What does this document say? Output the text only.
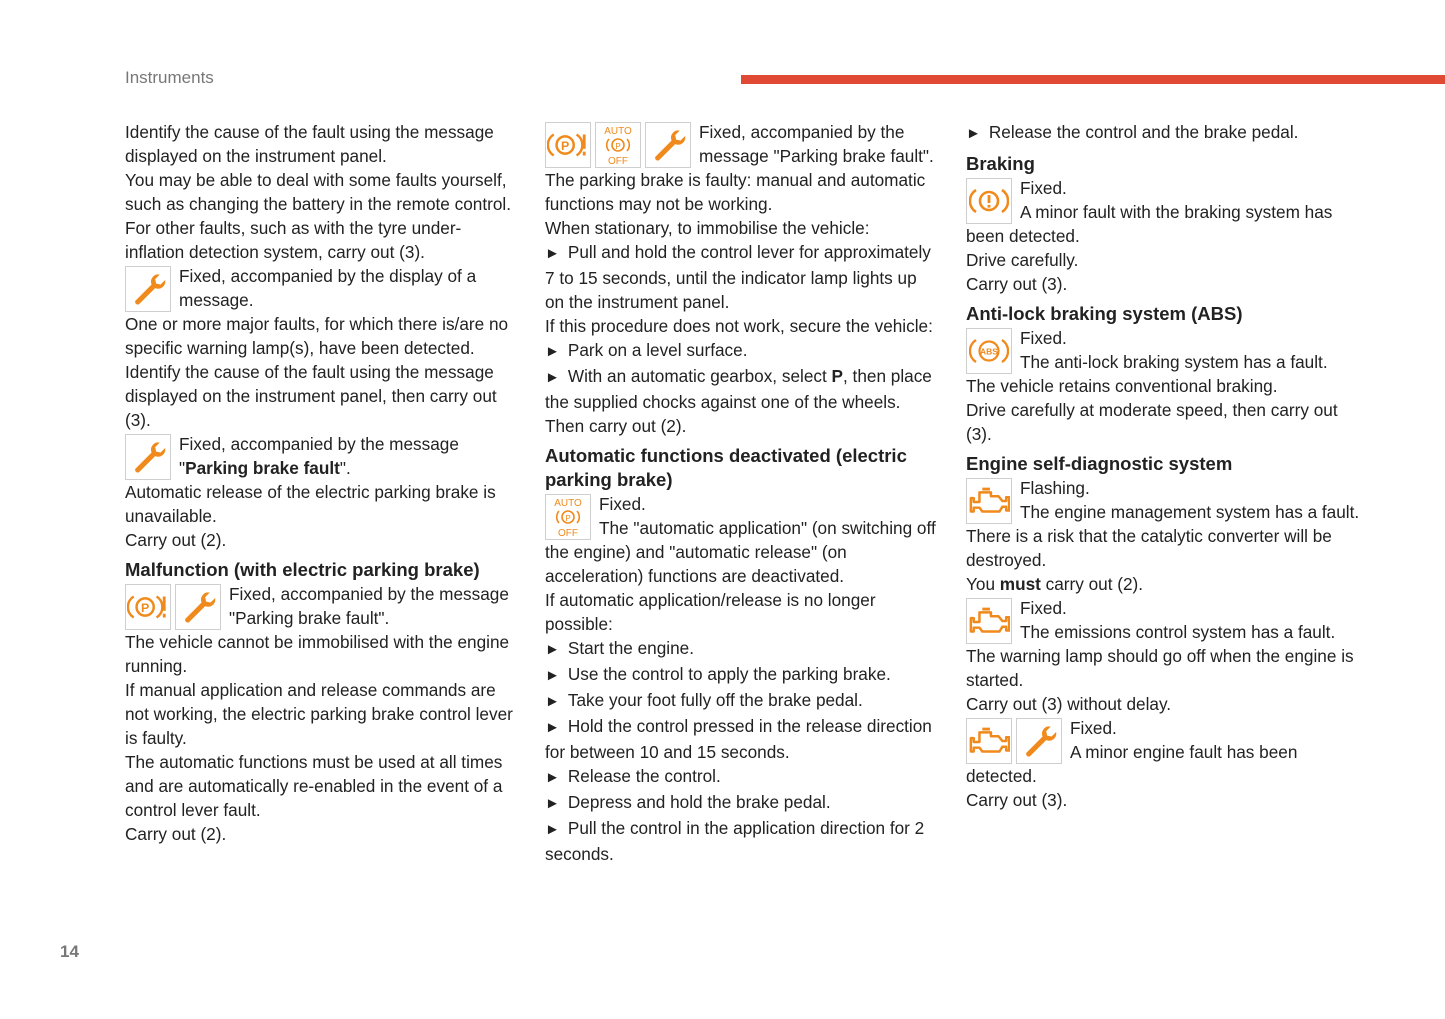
Instruments
14

Identify the cause of the fault using the message displayed on the instrument panel.

You may be able to deal with some faults yourself, such as changing the battery in the remote control.

For other faults, such as with the tyre under-inflation detection system, carry out (3).

Fixed, accompanied by the display of a message.

One or more major faults, for which there is/are no specific warning lamp(s), have been detected.

Identify the cause of the fault using the message displayed on the instrument panel, then carry out (3).

Fixed, accompanied by the message "Parking brake fault".

Automatic release of the electric parking brake is unavailable.

Carry out (2).

Malfunction (with electric parking brake)
Fixed, accompanied by the message "Parking brake fault".

The vehicle cannot be immobilised with the engine running.

If manual application and release commands are not working, the electric parking brake control lever is faulty.

The automatic functions must be used at all times and are automatically re-enabled in the event of a control lever fault.

Carry out (2).

AUTO
P
OFF
Fixed, accompanied by the message "Parking brake fault".

The parking brake is faulty: manual and automatic functions may not be working.

When stationary, to immobilise the vehicle:

► Pull and hold the control lever for approximately 7 to 15 seconds, until the indicator lamp lights up on the instrument panel.

If this procedure does not work, secure the vehicle:

► Park on a level surface.

► With an automatic gearbox, select P, then place the supplied chocks against one of the wheels.

Then carry out (2).

Automatic functions deactivated (electric parking brake)
AUTO
P
OFF
Fixed.
The "automatic application" (on switching off the engine) and "automatic release" (on acceleration) functions are deactivated.

If automatic application/release is no longer possible:

► Start the engine.

► Use the control to apply the parking brake.

► Take your foot fully off the brake pedal.

► Hold the control pressed in the release direction for between 10 and 15 seconds.

► Release the control.

► Depress and hold the brake pedal.

► Pull the control in the application direction for 2 seconds.

► Release the control and the brake pedal.

Braking
Fixed.
A minor fault with the braking system has been detected.

Drive carefully.

Carry out (3).

Anti-lock braking system (ABS)
ABS
Fixed.
The anti-lock braking system has a fault.

The vehicle retains conventional braking.

Drive carefully at moderate speed, then carry out (3).

Engine self-diagnostic system
Flashing.
The engine management system has a fault.

There is a risk that the catalytic converter will be destroyed.

You must carry out (2).

Fixed.
The emissions control system has a fault.

The warning lamp should go off when the engine is started.

Carry out (3) without delay.

Fixed.
A minor engine fault has been detected.

Carry out (3).
